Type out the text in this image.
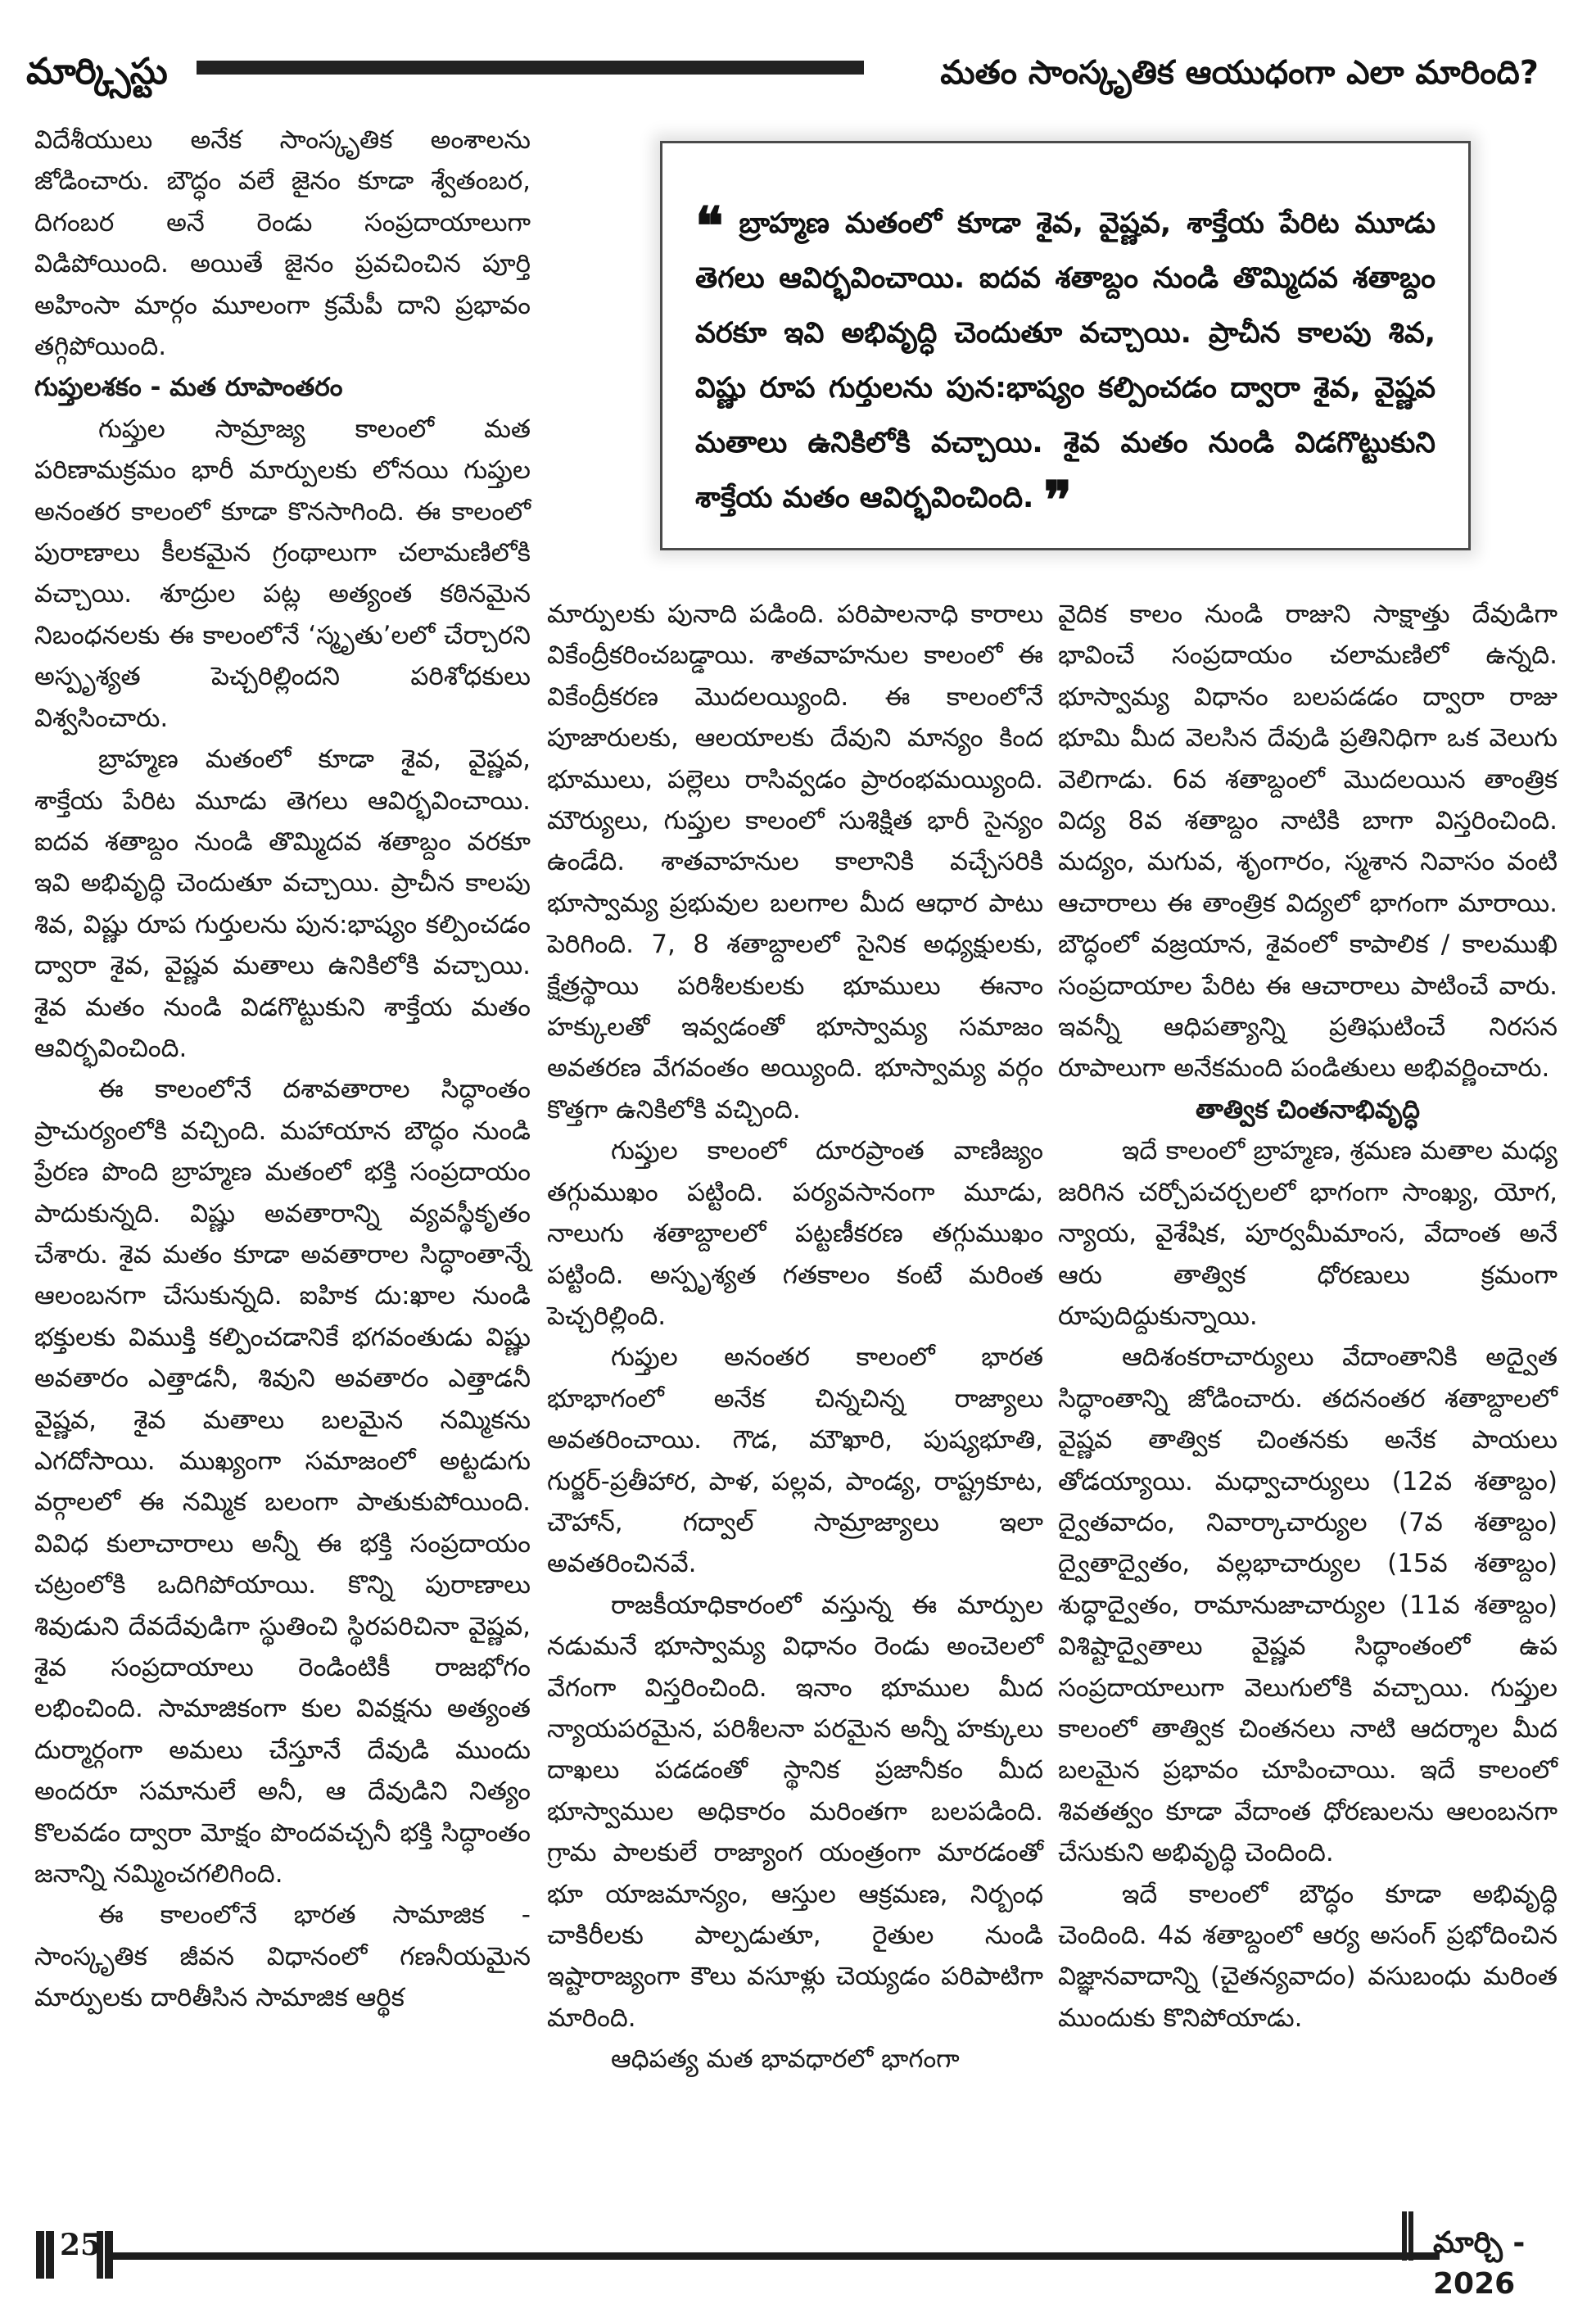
మార్క్సిస్టు	మతం సాంస్కృతిక ఆయుధంగా ఎలా మారింది?
❝ బ్రాహ్మణ మతంలో కూడా శైవ, వైష్ణవ, శాక్తేయ పేరిట మూడు తెగలు ఆవిర్భవించాయి. ఐదవ శతాబ్దం నుండి తొమ్మిదవ శతాబ్దం వరకూ ఇవి అభివృద్ధి చెందుతూ వచ్చాయి. ప్రాచీన కాలపు శివ, విష్ణు రూప గుర్తులను పున:భాష్యం కల్పించడం ద్వారా శైవ, వైష్ణవ మతాలు ఉనికిలోకి వచ్చాయి. శైవ మతం నుండి విడగొట్టుకుని శాక్తేయ మతం ఆవిర్భవించింది. ❞

విదేశీయులు అనేక సాంస్కృతిక అంశాలను జోడించారు. బౌద్ధం వలే జైనం కూడా శ్వేతంబర, దిగంబర అనే రెండు సంప్రదాయాలుగా విడిపోయింది. అయితే జైనం ప్రవచించిన పూర్తి అహింసా మార్గం మూలంగా క్రమేపీ దాని ప్రభావం తగ్గిపోయింది.

గుప్తులశకం - మత రూపాంతరం

గుప్తుల సామ్రాజ్య కాలంలో మత పరిణామక్రమం భారీ మార్పులకు లోనయి గుప్తుల అనంతర కాలంలో కూడా కొనసాగింది. ఈ కాలంలో పురాణాలు కీలకమైన గ్రంథాలుగా చలామణిలోకి వచ్చాయి. శూద్రుల పట్ల అత్యంత కఠినమైన నిబంధనలకు ఈ కాలంలోనే ‘స్మృతు’లలో చేర్చారని అస్పృశ్యత పెచ్చరిల్లిందని పరిశోధకులు విశ్వసించారు.

బ్రాహ్మణ మతంలో కూడా శైవ, వైష్ణవ, శాక్తేయ పేరిట మూడు తెగలు ఆవిర్భవించాయి. ఐదవ శతాబ్దం నుండి తొమ్మిదవ శతాబ్దం వరకూ ఇవి అభివృద్ధి చెందుతూ వచ్చాయి. ప్రాచీన కాలపు శివ, విష్ణు రూప గుర్తులను పున:భాష్యం కల్పించడం ద్వారా శైవ, వైష్ణవ మతాలు ఉనికిలోకి వచ్చాయి. శైవ మతం నుండి విడగొట్టుకుని శాక్తేయ మతం ఆవిర్భవించింది.

ఈ కాలంలోనే దశావతారాల సిద్ధాంతం ప్రాచుర్యంలోకి వచ్చింది. మహాయాన బౌద్ధం నుండి ప్రేరణ పొంది బ్రాహ్మణ మతంలో భక్తి సంప్రదాయం పాదుకున్నది. విష్ణు అవతారాన్ని వ్యవస్థీకృతం చేశారు. శైవ మతం కూడా అవతారాల సిద్ధాంతాన్నే ఆలంబనగా చేసుకున్నది. ఐహిక దు:ఖాల నుండి భక్తులకు విముక్తి కల్పించడానికే భగవంతుడు విష్ణు అవతారం ఎత్తాడనీ, శివుని అవతారం ఎత్తాడనీ వైష్ణవ, శైవ మతాలు బలమైన నమ్మికను ఎగదోసాయి. ముఖ్యంగా సమాజంలో అట్టడుగు వర్గాలలో ఈ నమ్మిక బలంగా పాతుకుపోయింది. వివిధ కులాచారాలు అన్నీ ఈ భక్తి సంప్రదాయం చట్రంలోకి ఒదిగిపోయాయి. కొన్ని పురాణాలు శివుడుని దేవదేవుడిగా స్థుతించి స్థిరపరిచినా వైష్ణవ, శైవ సంప్రదాయాలు రెండింటికీ రాజభోగం లభించింది. సామాజికంగా కుల వివక్షను అత్యంత దుర్మార్గంగా అమలు చేస్తూనే దేవుడి ముందు అందరూ సమానులే అనీ, ఆ దేవుడిని నిత్యం కొలవడం ద్వారా మోక్షం పొందవచ్చనీ భక్తి సిద్ధాంతం జనాన్ని నమ్మించగలిగింది.

ఈ కాలంలోనే భారత సామాజిక - సాంస్కృతిక జీవన విధానంలో గణనీయమైన మార్పులకు దారితీసిన సామాజిక ఆర్థిక

మార్పులకు పునాది పడింది. పరిపాలనాధి కారాలు వికేంద్రీకరించబడ్డాయి. శాతవాహనుల కాలంలో ఈ వికేంద్రీకరణ మొదలయ్యింది. ఈ కాలంలోనే పూజారులకు, ఆలయాలకు దేవుని మాన్యం కింద భూములు, పల్లెలు రాసివ్వడం ప్రారంభమయ్యింది. మౌర్యులు, గుప్తుల కాలంలో సుశిక్షిత భారీ సైన్యం ఉండేది. శాతవాహనుల కాలానికి వచ్చేసరికి భూస్వామ్య ప్రభువుల బలగాల మీద ఆధార పాటు పెరిగింది. 7, 8 శతాబ్దాలలో సైనిక అధ్యక్షులకు, క్షేత్రస్థాయి పరిశీలకులకు భూములు ఈనాం హక్కులతో ఇవ్వడంతో భూస్వామ్య సమాజం అవతరణ వేగవంతం అయ్యింది. భూస్వామ్య వర్గం కొత్తగా ఉనికిలోకి వచ్చింది.

గుప్తుల కాలంలో దూరప్రాంత వాణిజ్యం తగ్గుముఖం పట్టింది. పర్యవసానంగా మూడు, నాలుగు శతాబ్దాలలో పట్టణీకరణ తగ్గుముఖం పట్టింది. అస్పృశ్యత గతకాలం కంటే మరింత పెచ్చరిల్లింది.

గుప్తుల అనంతర కాలంలో భారత భూభాగంలో అనేక చిన్నచిన్న రాజ్యాలు అవతరించాయి. గౌడ, మౌఖారి, పుష్యభూతి, గుర్జర్-ప్రతీహార, పాళ, పల్లవ, పాండ్య, రాష్ట్రకూట, చౌహాన్, గద్వాల్ సామ్రాజ్యాలు ఇలా అవతరించినవే.

రాజకీయాధికారంలో వస్తున్న ఈ మార్పుల నడుమనే భూస్వామ్య విధానం రెండు అంచెలలో వేగంగా విస్తరించింది. ఇనాం భూముల మీద న్యాయపరమైన, పరిశీలనా పరమైన అన్నీ హక్కులు దాఖలు పడడంతో స్థానిక ప్రజానీకం మీద భూస్వాముల అధికారం మరింతగా బలపడింది. గ్రామ పాలకులే రాజ్యాంగ యంత్రంగా మారడంతో భూ యాజమాన్యం, ఆస్తుల ఆక్రమణ, నిర్బంధ చాకిరీలకు పాల్పడుతూ, రైతుల నుండి ఇష్టారాజ్యంగా కౌలు వసూళ్లు చెయ్యడం పరిపాటిగా మారింది.

ఆధిపత్య మత భావధారలో భాగంగా

వైదిక కాలం నుండి రాజుని సాక్షాత్తు దేవుడిగా భావించే సంప్రదాయం చలామణిలో ఉన్నది. భూస్వామ్య విధానం బలపడడం ద్వారా రాజు భూమి మీద వెలసిన దేవుడి ప్రతినిధిగా ఒక వెలుగు వెలిగాడు. 6వ శతాబ్దంలో మొదలయిన తాంత్రిక విద్య 8వ శతాబ్దం నాటికి బాగా విస్తరించింది. మద్యం, మగువ, శృంగారం, స్మశాన నివాసం వంటి ఆచారాలు ఈ తాంత్రిక విద్యలో భాగంగా మారాయి. బౌద్ధంలో వజ్రయాన, శైవంలో కాపాలిక / కాలముఖి సంప్రదాయాల పేరిట ఈ ఆచారాలు పాటించే వారు. ఇవన్నీ ఆధిపత్యాన్ని ప్రతిఘటించే నిరసన రూపాలుగా అనేకమంది పండితులు అభివర్ణించారు.

తాత్విక చింతనాభివృద్ధి

ఇదే కాలంలో బ్రాహ్మణ, శ్రమణ మతాల మధ్య జరిగిన చర్చోపచర్చలలో భాగంగా సాంఖ్య, యోగ, న్యాయ, వైశేషిక, పూర్వమీమాంస, వేదాంత అనే ఆరు తాత్విక ధోరణులు క్రమంగా రూపుదిద్దుకున్నాయి.

ఆదిశంకరాచార్యులు వేదాంతానికి అద్వైత సిద్ధాంతాన్ని జోడించారు. తదనంతర శతాబ్దాలలో వైష్ణవ తాత్విక చింతనకు అనేక పాయలు తోడయ్యాయి. మధ్వాచార్యులు (12వ శతాబ్దం) ద్వైతవాదం, నివార్కాచార్యుల (7వ శతాబ్దం) ద్వైతాద్వైతం, వల్లభాచార్యుల (15వ శతాబ్దం) శుద్ధాద్వైతం, రామానుజాచార్యుల (11వ శతాబ్దం) విశిష్టాద్వైతాలు వైష్ణవ సిద్ధాంతంలో ఉప సంప్రదాయాలుగా వెలుగులోకి వచ్చాయి. గుప్తుల కాలంలో తాత్విక చింతనలు నాటి ఆదర్శాల మీద బలమైన ప్రభావం చూపించాయి. ఇదే కాలంలో శివతత్వం కూడా వేదాంత ధోరణులను ఆలంబనగా చేసుకుని అభివృద్ధి చెందింది.

ఇదే కాలంలో బౌద్ధం కూడా అభివృద్ధి చెందింది. 4వ శతాబ్దంలో ఆర్య అసంగ్ ప్రభోదించిన విజ్ఞానవాదాన్ని (చైతన్యవాదం) వసుబంధు మరింత ముందుకు కొనిపోయాడు.

25	మార్చి - 2026
